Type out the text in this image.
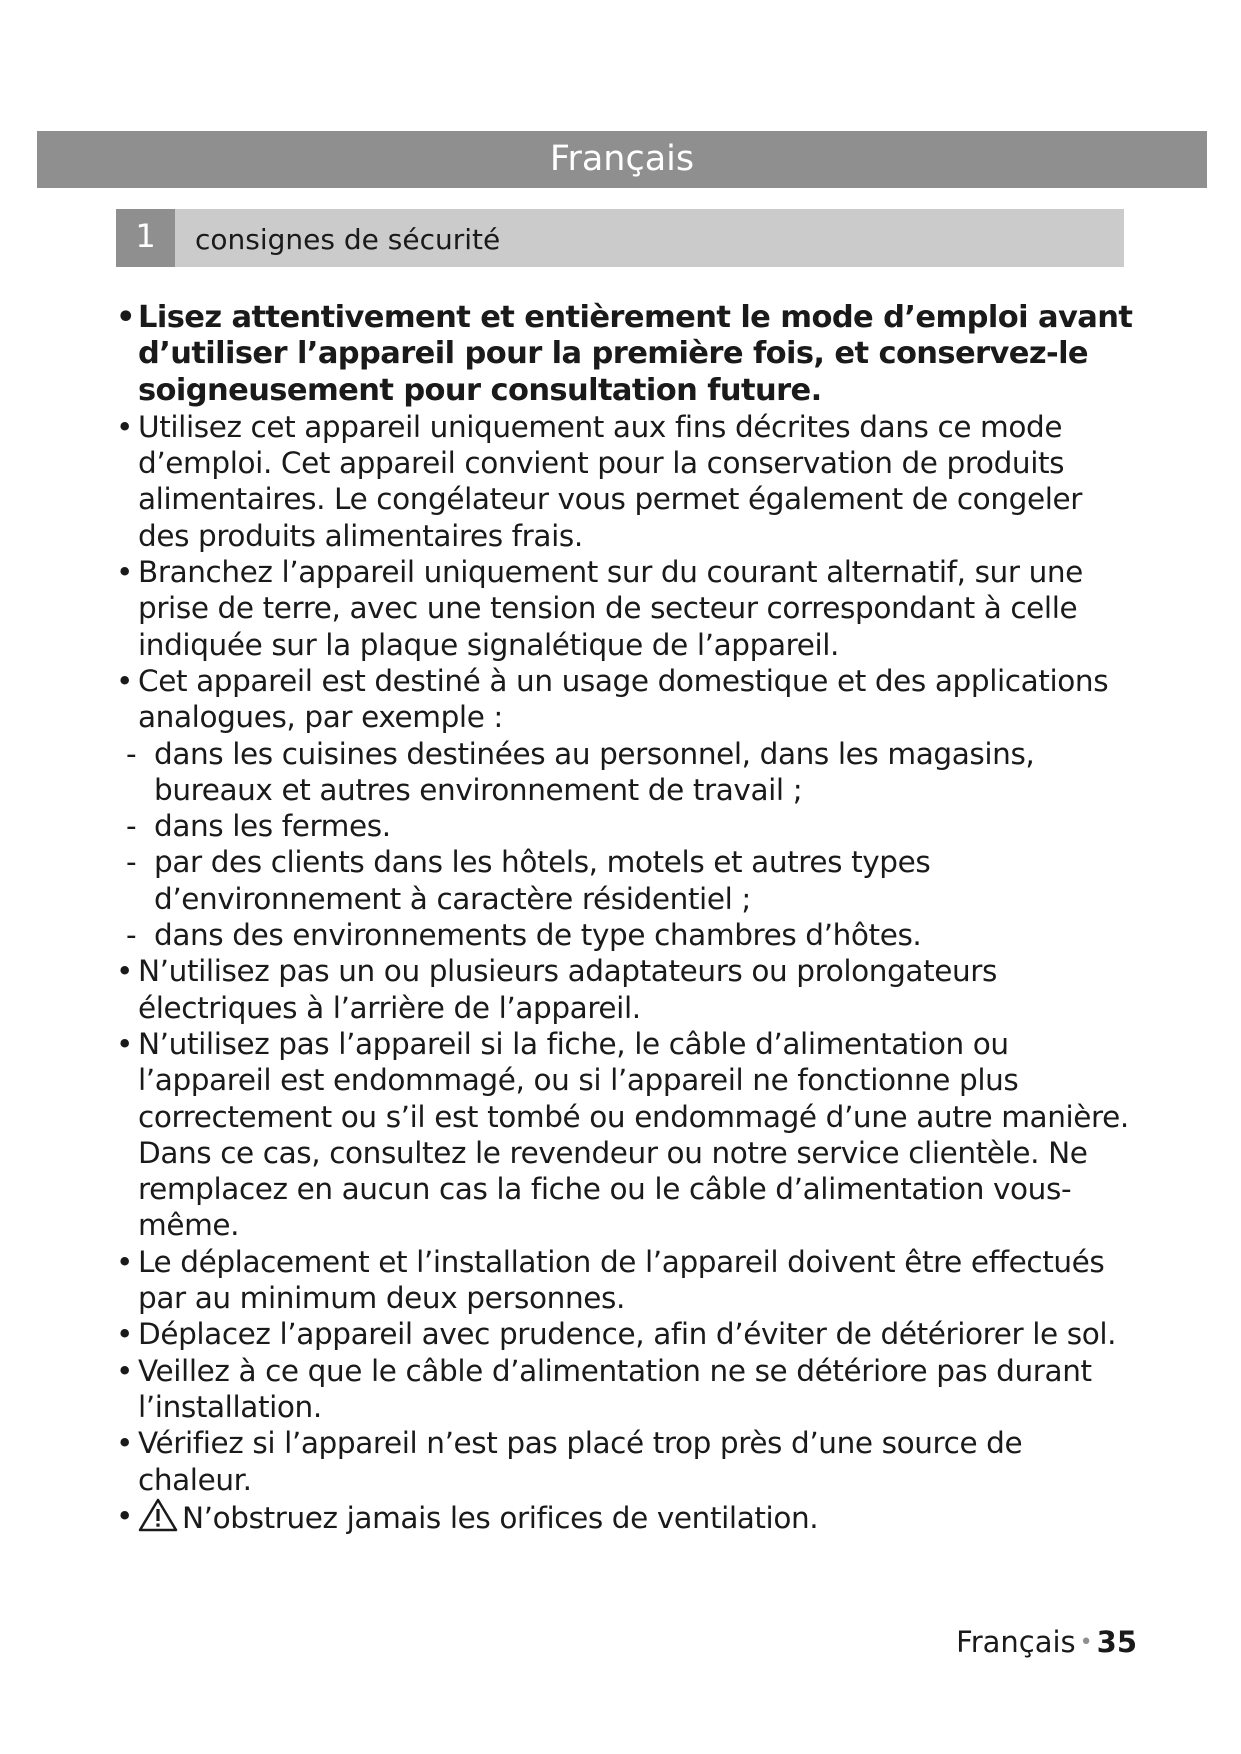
Français
1	consignes de sécurité
• Lisez attentivement et entièrement le mode d’emploi avant d’utiliser l’appareil pour la première fois, et conservez-le soigneusement pour consultation future.
• Utilisez cet appareil uniquement aux fins décrites dans ce mode d’emploi. Cet appareil convient pour la conservation de produits alimentaires. Le congélateur vous permet également de congeler des produits alimentaires frais.
• Branchez l’appareil uniquement sur du courant alternatif, sur une prise de terre, avec une tension de secteur correspondant à celle indiquée sur la plaque signalétique de l’appareil.
• Cet appareil est destiné à un usage domestique et des applications analogues, par exemple :
- dans les cuisines destinées au personnel, dans les magasins, bureaux et autres environnement de travail ;
- dans les fermes.
- par des clients dans les hôtels, motels et autres types d’environnement à caractère résidentiel ;
- dans des environnements de type chambres d’hôtes.
• N’utilisez pas un ou plusieurs adaptateurs ou prolongateurs électriques à l’arrière de l’appareil.
• N’utilisez pas l’appareil si la fiche, le câble d’alimentation ou l’appareil est endommagé, ou si l’appareil ne fonctionne plus correctement ou s’il est tombé ou endommagé d’une autre manière. Dans ce cas, consultez le revendeur ou notre service clientèle. Ne remplacez en aucun cas la fiche ou le câble d’alimentation vous-même.
• Le déplacement et l’installation de l’appareil doivent être effectués par au minimum deux personnes.
• Déplacez l’appareil avec prudence, afin d’éviter de détériorer le sol.
• Veillez à ce que le câble d’alimentation ne se détériore pas durant l’installation.
• Vérifiez si l’appareil n’est pas placé trop près d’une source de chaleur.
•	N’obstruez jamais les orifices de ventilation.
Français • 35
